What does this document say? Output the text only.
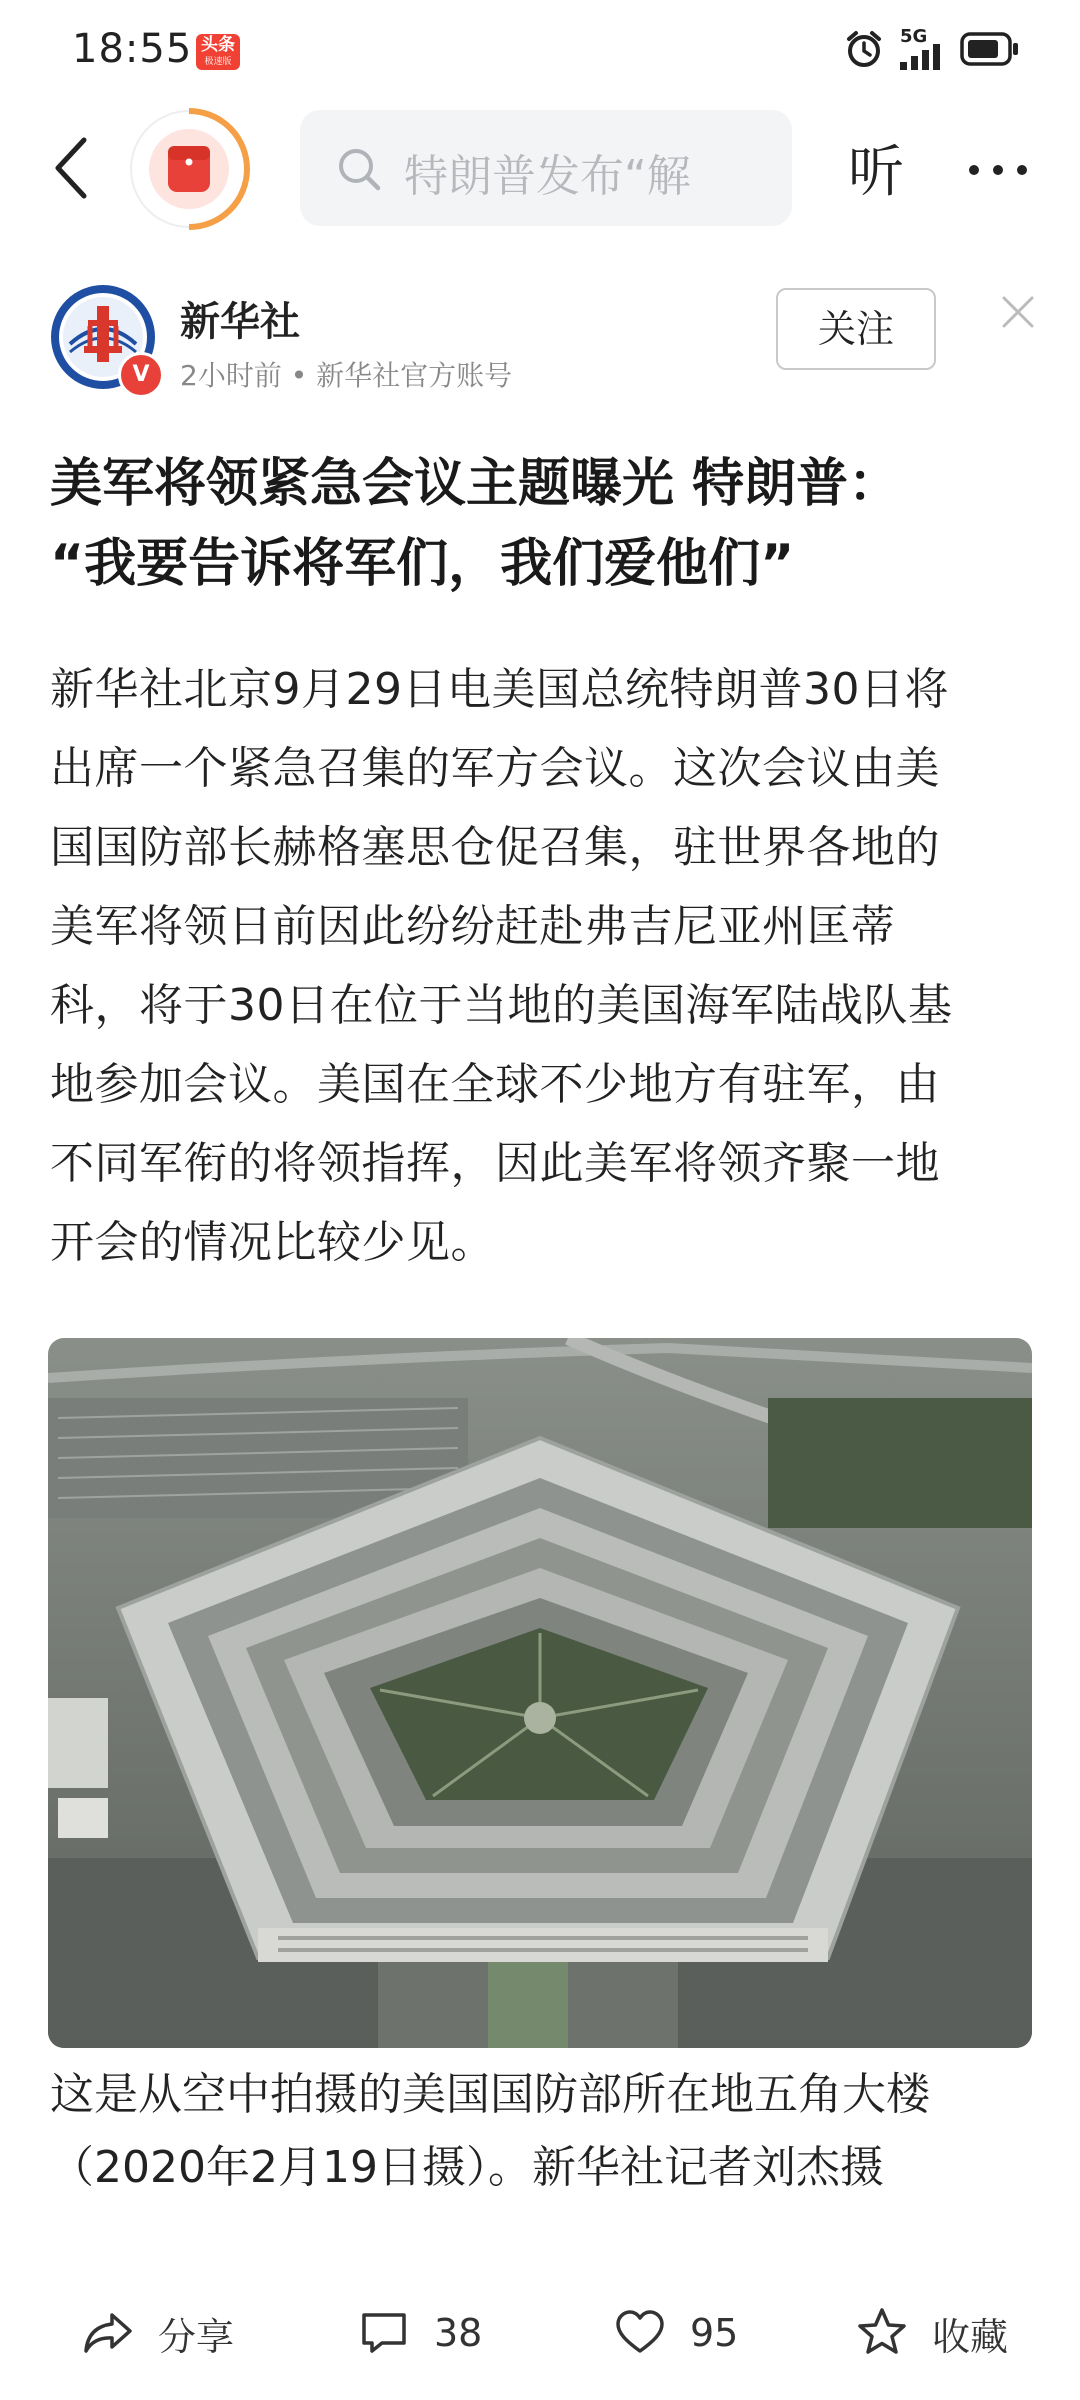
18:55 头条
极速版
5G
特朗普发布“解	听
V
新华社
2小时前 • 新华社官方账号
关注
美军将领紧急会议主题曝光 特朗普：
“我要告诉将军们，我们爱他们”
新华社北京9月29日电美国总统特朗普30日将
出席一个紧急召集的军方会议。这次会议由美
国国防部长赫格塞思仓促召集，驻世界各地的
美军将领日前因此纷纷赶赴弗吉尼亚州匡蒂
科，将于30日在位于当地的美国海军陆战队基
地参加会议。美国在全球不少地方有驻军，由
不同军衔的将领指挥，因此美军将领齐聚一地
开会的情况比较少见。
这是从空中拍摄的美国国防部所在地五角大楼
（2020年2月19日摄）。新华社记者刘杰摄
分享	38	95	收藏
